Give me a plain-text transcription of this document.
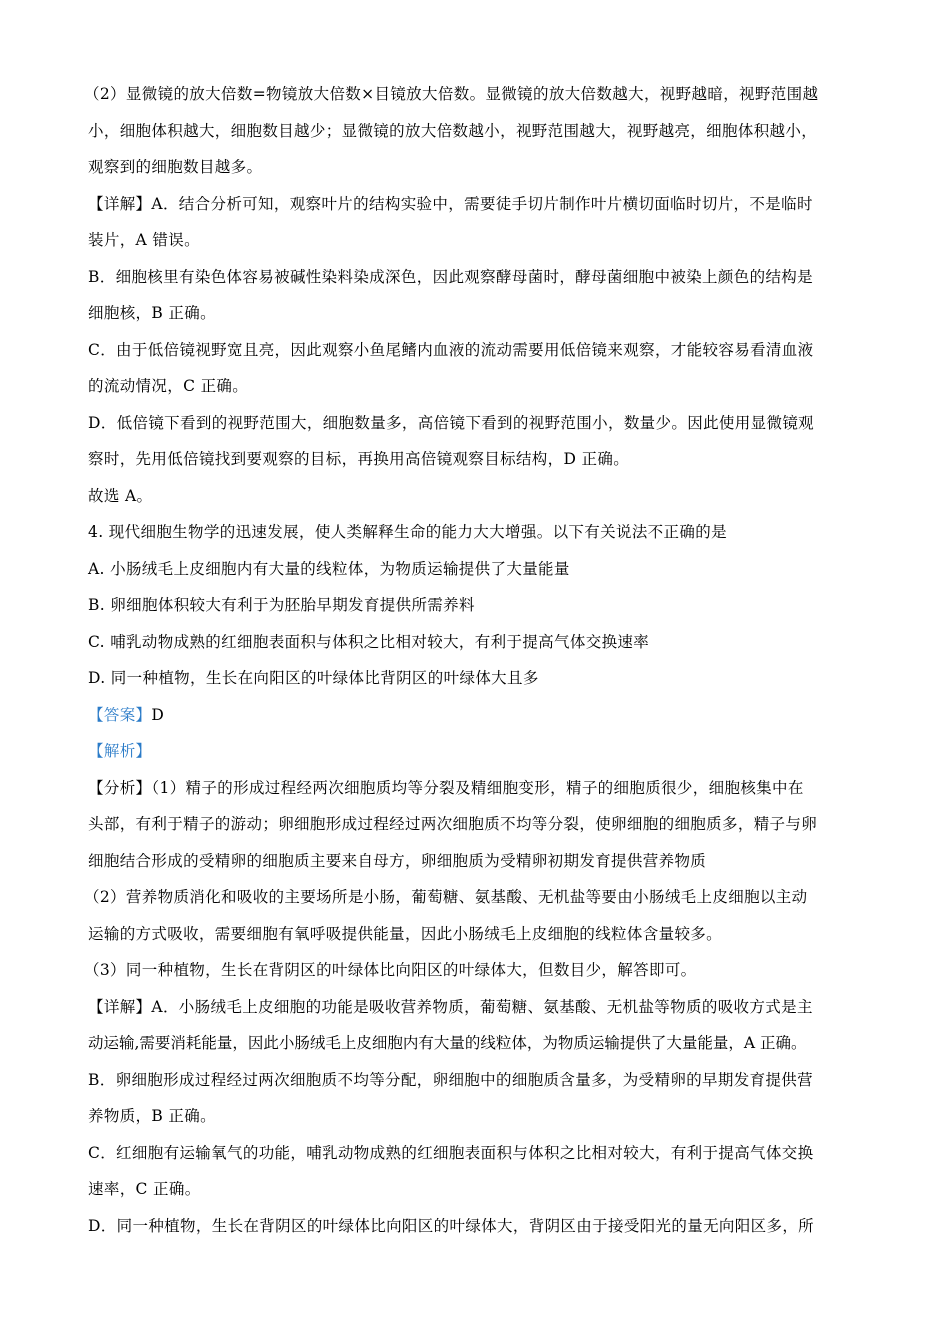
（2）显微镜的放大倍数=物镜放大倍数×目镜放大倍数。显微镜的放大倍数越大，视野越暗，视野范围越
小，细胞体积越大，细胞数目越少；显微镜的放大倍数越小，视野范围越大，视野越亮，细胞体积越小，
观察到的细胞数目越多。
【详解】A．结合分析可知，观察叶片的结构实验中，需要徒手切片制作叶片横切面临时切片，不是临时
装片，A 错误。
B．细胞核里有染色体容易被碱性染料染成深色，因此观察酵母菌时，酵母菌细胞中被染上颜色的结构是
细胞核，B 正确。
C．由于低倍镜视野宽且亮，因此观察小鱼尾鳍内血液的流动需要用低倍镜来观察，才能较容易看清血液
的流动情况，C 正确。
D．低倍镜下看到的视野范围大，细胞数量多，高倍镜下看到的视野范围小，数量少。因此使用显微镜观
察时，先用低倍镜找到要观察的目标，再换用高倍镜观察目标结构，D 正确。
故选 A。
4. 现代细胞生物学的迅速发展，使人类解释生命的能力大大增强。以下有关说法不正确的是
A. 小肠绒毛上皮细胞内有大量的线粒体，为物质运输提供了大量能量
B. 卵细胞体积较大有利于为胚胎早期发育提供所需养料
C. 哺乳动物成熟的红细胞表面积与体积之比相对较大，有利于提高气体交换速率
D. 同一种植物，生长在向阳区的叶绿体比背阴区的叶绿体大且多
【答案】D
【解析】
【分析】（1）精子的形成过程经两次细胞质均等分裂及精细胞变形，精子的细胞质很少，细胞核集中在
头部，有利于精子的游动；卵细胞形成过程经过两次细胞质不均等分裂，使卵细胞的细胞质多，精子与卵
细胞结合形成的受精卵的细胞质主要来自母方，卵细胞质为受精卵初期发育提供营养物质
（2）营养物质消化和吸收的主要场所是小肠，葡萄糖、氨基酸、无机盐等要由小肠绒毛上皮细胞以主动
运输的方式吸收，需要细胞有氧呼吸提供能量，因此小肠绒毛上皮细胞的线粒体含量较多。
（3）同一种植物，生长在背阴区的叶绿体比向阳区的叶绿体大，但数目少，解答即可。
【详解】A．小肠绒毛上皮细胞的功能是吸收营养物质，葡萄糖、氨基酸、无机盐等物质的吸收方式是主
动运输,需要消耗能量，因此小肠绒毛上皮细胞内有大量的线粒体，为物质运输提供了大量能量，A 正确。
B．卵细胞形成过程经过两次细胞质不均等分配，卵细胞中的细胞质含量多，为受精卵的早期发育提供营
养物质，B 正确。
C．红细胞有运输氧气的功能，哺乳动物成熟的红细胞表面积与体积之比相对较大，有利于提高气体交换
速率，C 正确。
D．同一种植物，生长在背阴区的叶绿体比向阳区的叶绿体大，背阴区由于接受阳光的量无向阳区多，所
